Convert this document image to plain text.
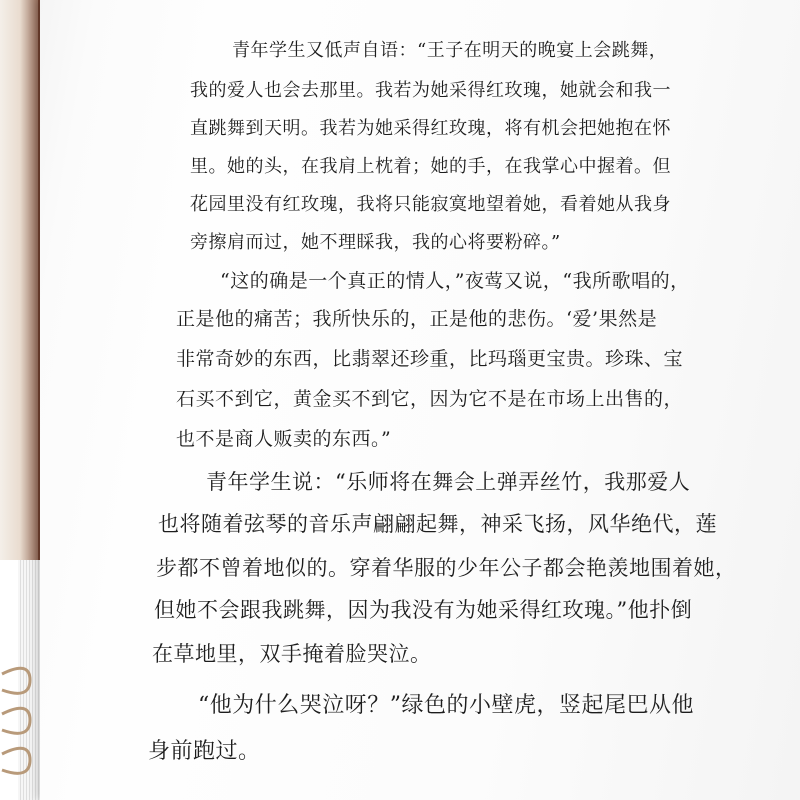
青年学生又低声自语：“王子在明天的晚宴上会跳舞，
我的爱人也会去那里。我若为她采得红玫瑰，她就会和我一
直跳舞到天明。我若为她采得红玫瑰，将有机会把她抱在怀
里。她的头，在我肩上枕着；她的手，在我掌心中握着。但
花园里没有红玫瑰，我将只能寂寞地望着她，看着她从我身
旁擦肩而过，她不理睬我，我的心将要粉碎。”
“这的确是一个真正的情人，”夜莺又说，“我所歌唱的，
正是他的痛苦；我所快乐的，正是他的悲伤。‘爱’果然是
非常奇妙的东西，比翡翠还珍重，比玛瑙更宝贵。珍珠、宝
石买不到它，黄金买不到它，因为它不是在市场上出售的，
也不是商人贩卖的东西。”
青年学生说：“乐师将在舞会上弹弄丝竹，我那爱人
也将随着弦琴的音乐声翩翩起舞，神采飞扬，风华绝代，莲
步都不曾着地似的。穿着华服的少年公子都会艳羡地围着她，
但她不会跟我跳舞，因为我没有为她采得红玫瑰。”他扑倒
在草地里，双手掩着脸哭泣。
“他为什么哭泣呀？”绿色的小壁虎，竖起尾巴从他
身前跑过。
